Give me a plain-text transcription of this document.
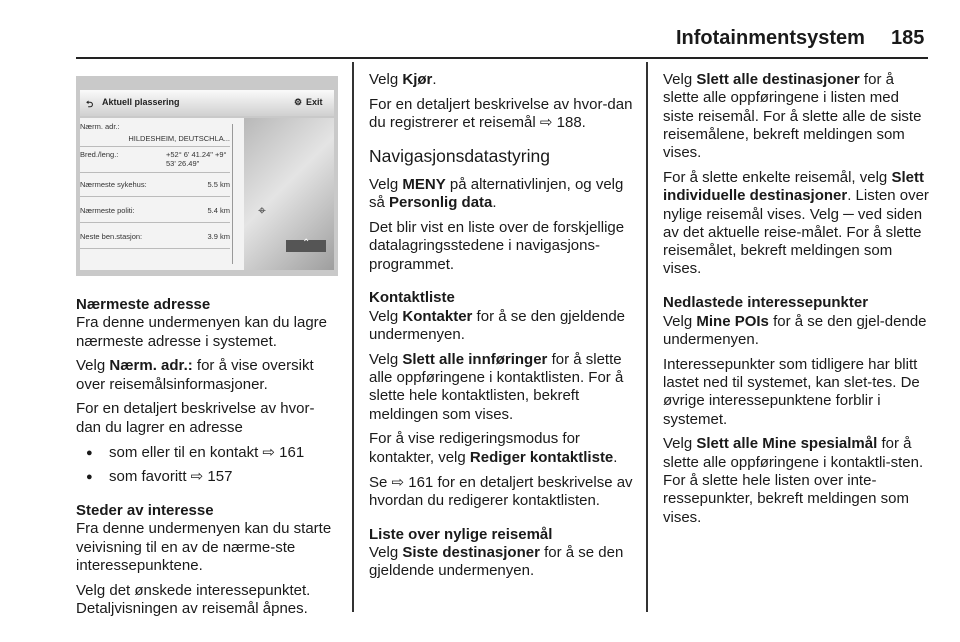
Infotainmentsystem 185
⮌ Aktuell plassering	⚙ Exit
Nærm. adr.:
HILDESHEIM, DEUTSCHLA...
Bred./leng.:	+52° 6' 41.24" +9° 53' 26.49"
Nærmeste sykehus:	5.5 km
Nærmeste politi:	5.4 km
Neste ben.stasjon:	3.9 km
⌖
⌃
Nærmeste adresse

Fra denne undermenyen kan du lagre nærmeste adresse i systemet.

Velg Nærm. adr.: for å vise oversikt over reisemålsinformasjoner.

For en detaljert beskrivelse av hvor-dan du lagrer en adresse

● som eller til en kontakt ⇨ 161
● som favoritt ⇨ 157
Steder av interesse

Fra denne undermenyen kan du starte veivisning til en av de nærme-ste interessepunktene.

Velg det ønskede interessepunktet. Detaljvisningen av reisemål åpnes.

Velg Kjør.

For en detaljert beskrivelse av hvor-dan du registrerer et reisemål ⇨ 188.

Navigasjonsdatastyring

Velg MENY på alternativlinjen, og velg så Personlig data.

Det blir vist en liste over de forskjellige datalagringsstedene i navigasjons-programmet.

Kontaktliste

Velg Kontakter for å se den gjeldende undermenyen.

Velg Slett alle innføringer for å slette alle oppføringene i kontaktlisten. For å slette hele kontaktlisten, bekreft meldingen som vises.

For å vise redigeringsmodus for kontakter, velg Rediger kontaktliste.

Se ⇨ 161 for en detaljert beskrivelse av hvordan du redigerer kontaktlisten.

Liste over nylige reisemål

Velg Siste destinasjoner for å se den gjeldende undermenyen.

Velg Slett alle destinasjoner for å slette alle oppføringene i listen med siste reisemål. For å slette alle de siste reisemålene, bekreft meldingen som vises.

For å slette enkelte reisemål, velg Slett individuelle destinasjoner. Listen over nylige reisemål vises. Velg ─ ved siden av det aktuelle reise-målet. For å slette reisemålet, bekreft meldingen som vises.

Nedlastede interessepunkter

Velg Mine POIs for å se den gjel-dende undermenyen.

Interessepunkter som tidligere har blitt lastet ned til systemet, kan slet-tes. De øvrige interessepunktene forblir i systemet.

Velg Slett alle Mine spesialmål for å slette alle oppføringene i kontaktli-sten. For å slette hele listen over inte-ressepunkter, bekreft meldingen som vises.
